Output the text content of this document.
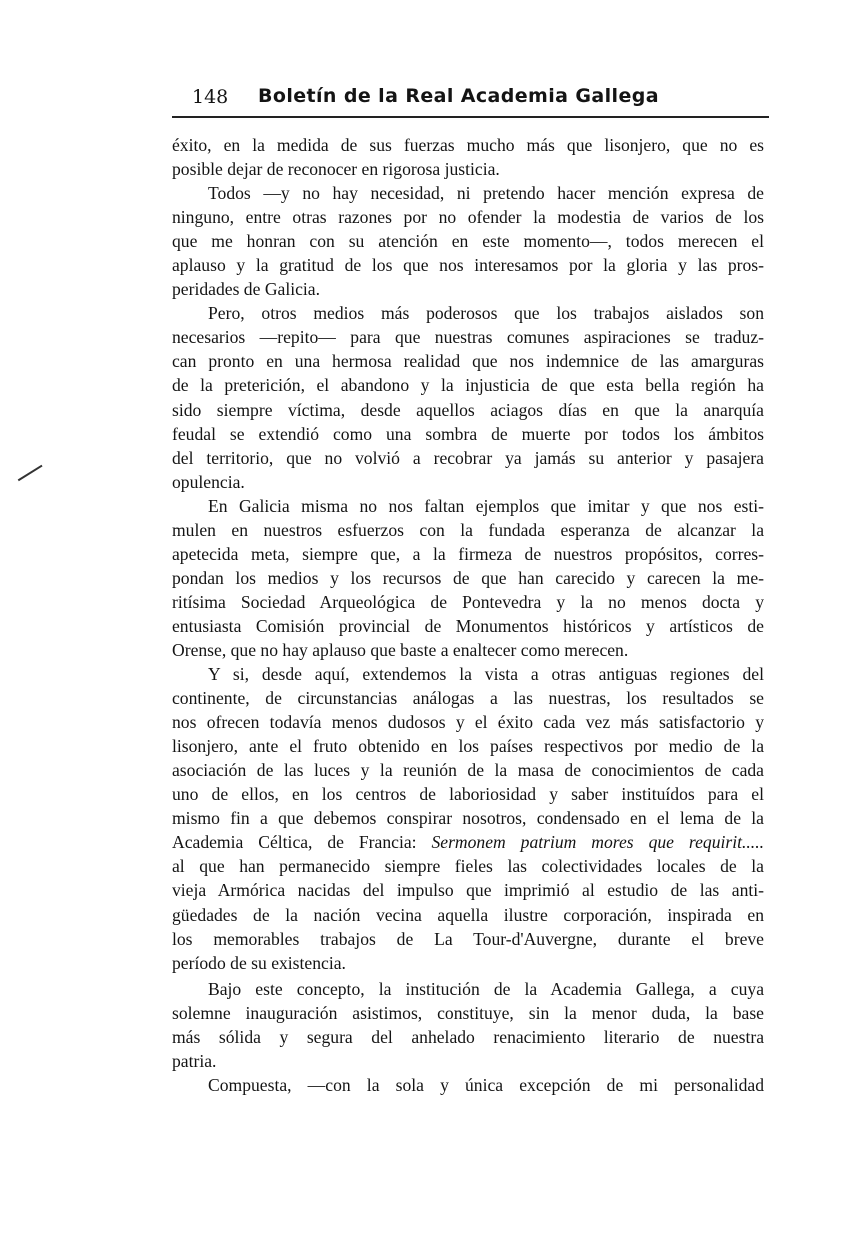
148 Boletín de la Real Academia Gallega
éxito, en la medida de sus fuerzas mucho más que lisonjero, que no es
posible dejar de reconocer en rigorosa justicia.
Todos —y no hay necesidad, ni pretendo hacer mención expresa de
ninguno, entre otras razones por no ofender la modestia de varios de los
que me honran con su atención en este momento—, todos merecen el
aplauso y la gratitud de los que nos interesamos por la gloria y las pros-
peridades de Galicia.
Pero, otros medios más poderosos que los trabajos aislados son
necesarios —repito— para que nuestras comunes aspiraciones se traduz-
can pronto en una hermosa realidad que nos indemnice de las amarguras
de la preterición, el abandono y la injusticia de que esta bella región ha
sido siempre víctima, desde aquellos aciagos días en que la anarquía
feudal se extendió como una sombra de muerte por todos los ámbitos
del territorio, que no volvió a recobrar ya jamás su anterior y pasajera
opulencia.
En Galicia misma no nos faltan ejemplos que imitar y que nos esti-
mulen en nuestros esfuerzos con la fundada esperanza de alcanzar la
apetecida meta, siempre que, a la firmeza de nuestros propósitos, corres-
pondan los medios y los recursos de que han carecido y carecen la me-
ritísima Sociedad Arqueológica de Pontevedra y la no menos docta y
entusiasta Comisión provincial de Monumentos históricos y artísticos de
Orense, que no hay aplauso que baste a enaltecer como merecen.
Y si, desde aquí, extendemos la vista a otras antiguas regiones del
continente, de circunstancias análogas a las nuestras, los resultados se
nos ofrecen todavía menos dudosos y el éxito cada vez más satisfactorio y
lisonjero, ante el fruto obtenido en los países respectivos por medio de la
asociación de las luces y la reunión de la masa de conocimientos de cada
uno de ellos, en los centros de laboriosidad y saber instituídos para el
mismo fin a que debemos conspirar nosotros, condensado en el lema de la
Academia Céltica, de Francia: Sermonem patrium mores que requirit.....
al que han permanecido siempre fieles las colectividades locales de la
vieja Armórica nacidas del impulso que imprimió al estudio de las anti-
güedades de la nación vecina aquella ilustre corporación, inspirada en
los memorables trabajos de La Tour-d'Auvergne, durante el breve
período de su existencia.
Bajo este concepto, la institución de la Academia Gallega, a cuya
solemne inauguración asistimos, constituye, sin la menor duda, la base
más sólida y segura del anhelado renacimiento literario de nuestra
patria.
Compuesta, —con la sola y única excepción de mi personalidad
